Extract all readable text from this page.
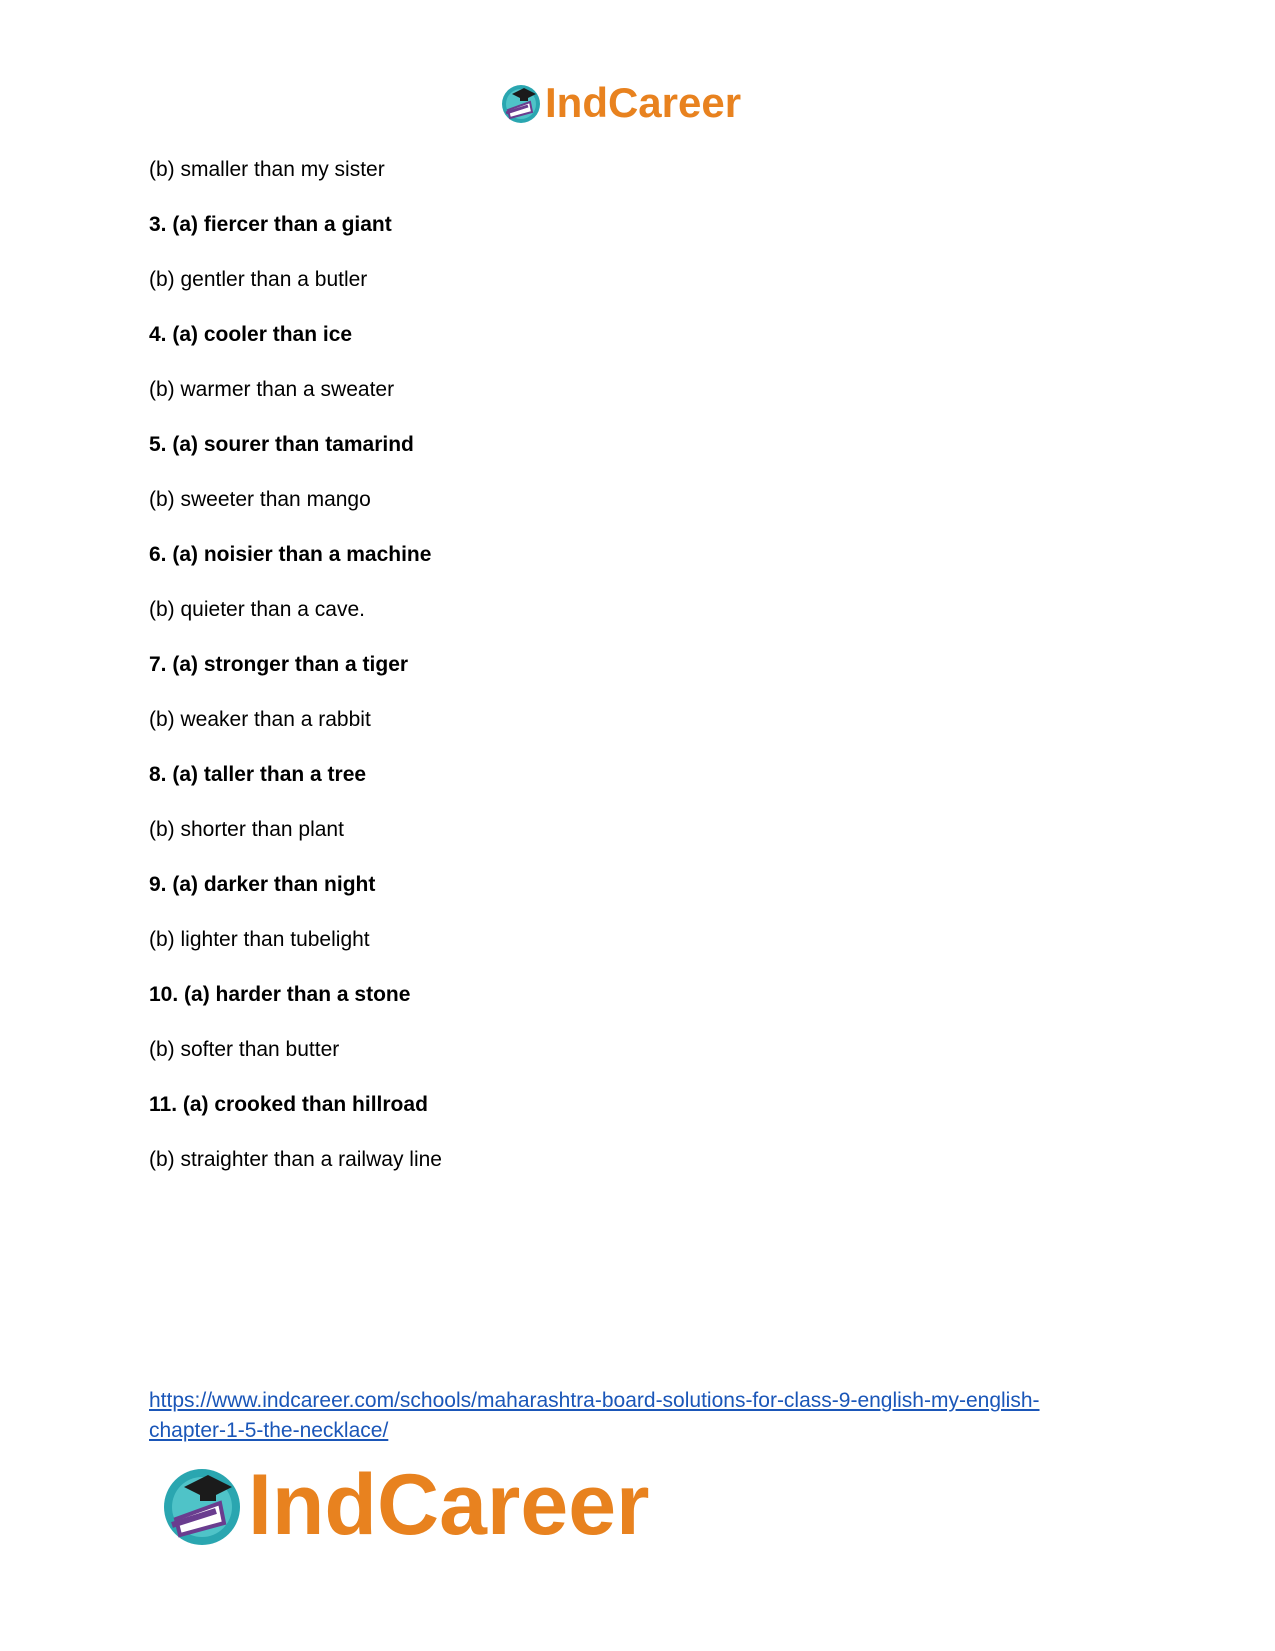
IndCareer
(b) smaller than my sister
3. (a) fiercer than a giant
(b) gentler than a butler
4. (a) cooler than ice
(b) warmer than a sweater
5. (a) sourer than tamarind
(b) sweeter than mango
6. (a) noisier than a machine
(b) quieter than a cave.
7. (a) stronger than a tiger
(b) weaker than a rabbit
8. (a) taller than a tree
(b) shorter than plant
9. (a) darker than night
(b) lighter than tubelight
10. (a) harder than a stone
(b) softer than butter
11. (a) crooked than hillroad
(b) straighter than a railway line
https://www.indcareer.com/schools/maharashtra-board-solutions-for-class-9-english-my-english-
chapter-1-5-the-necklace/
IndCareer
